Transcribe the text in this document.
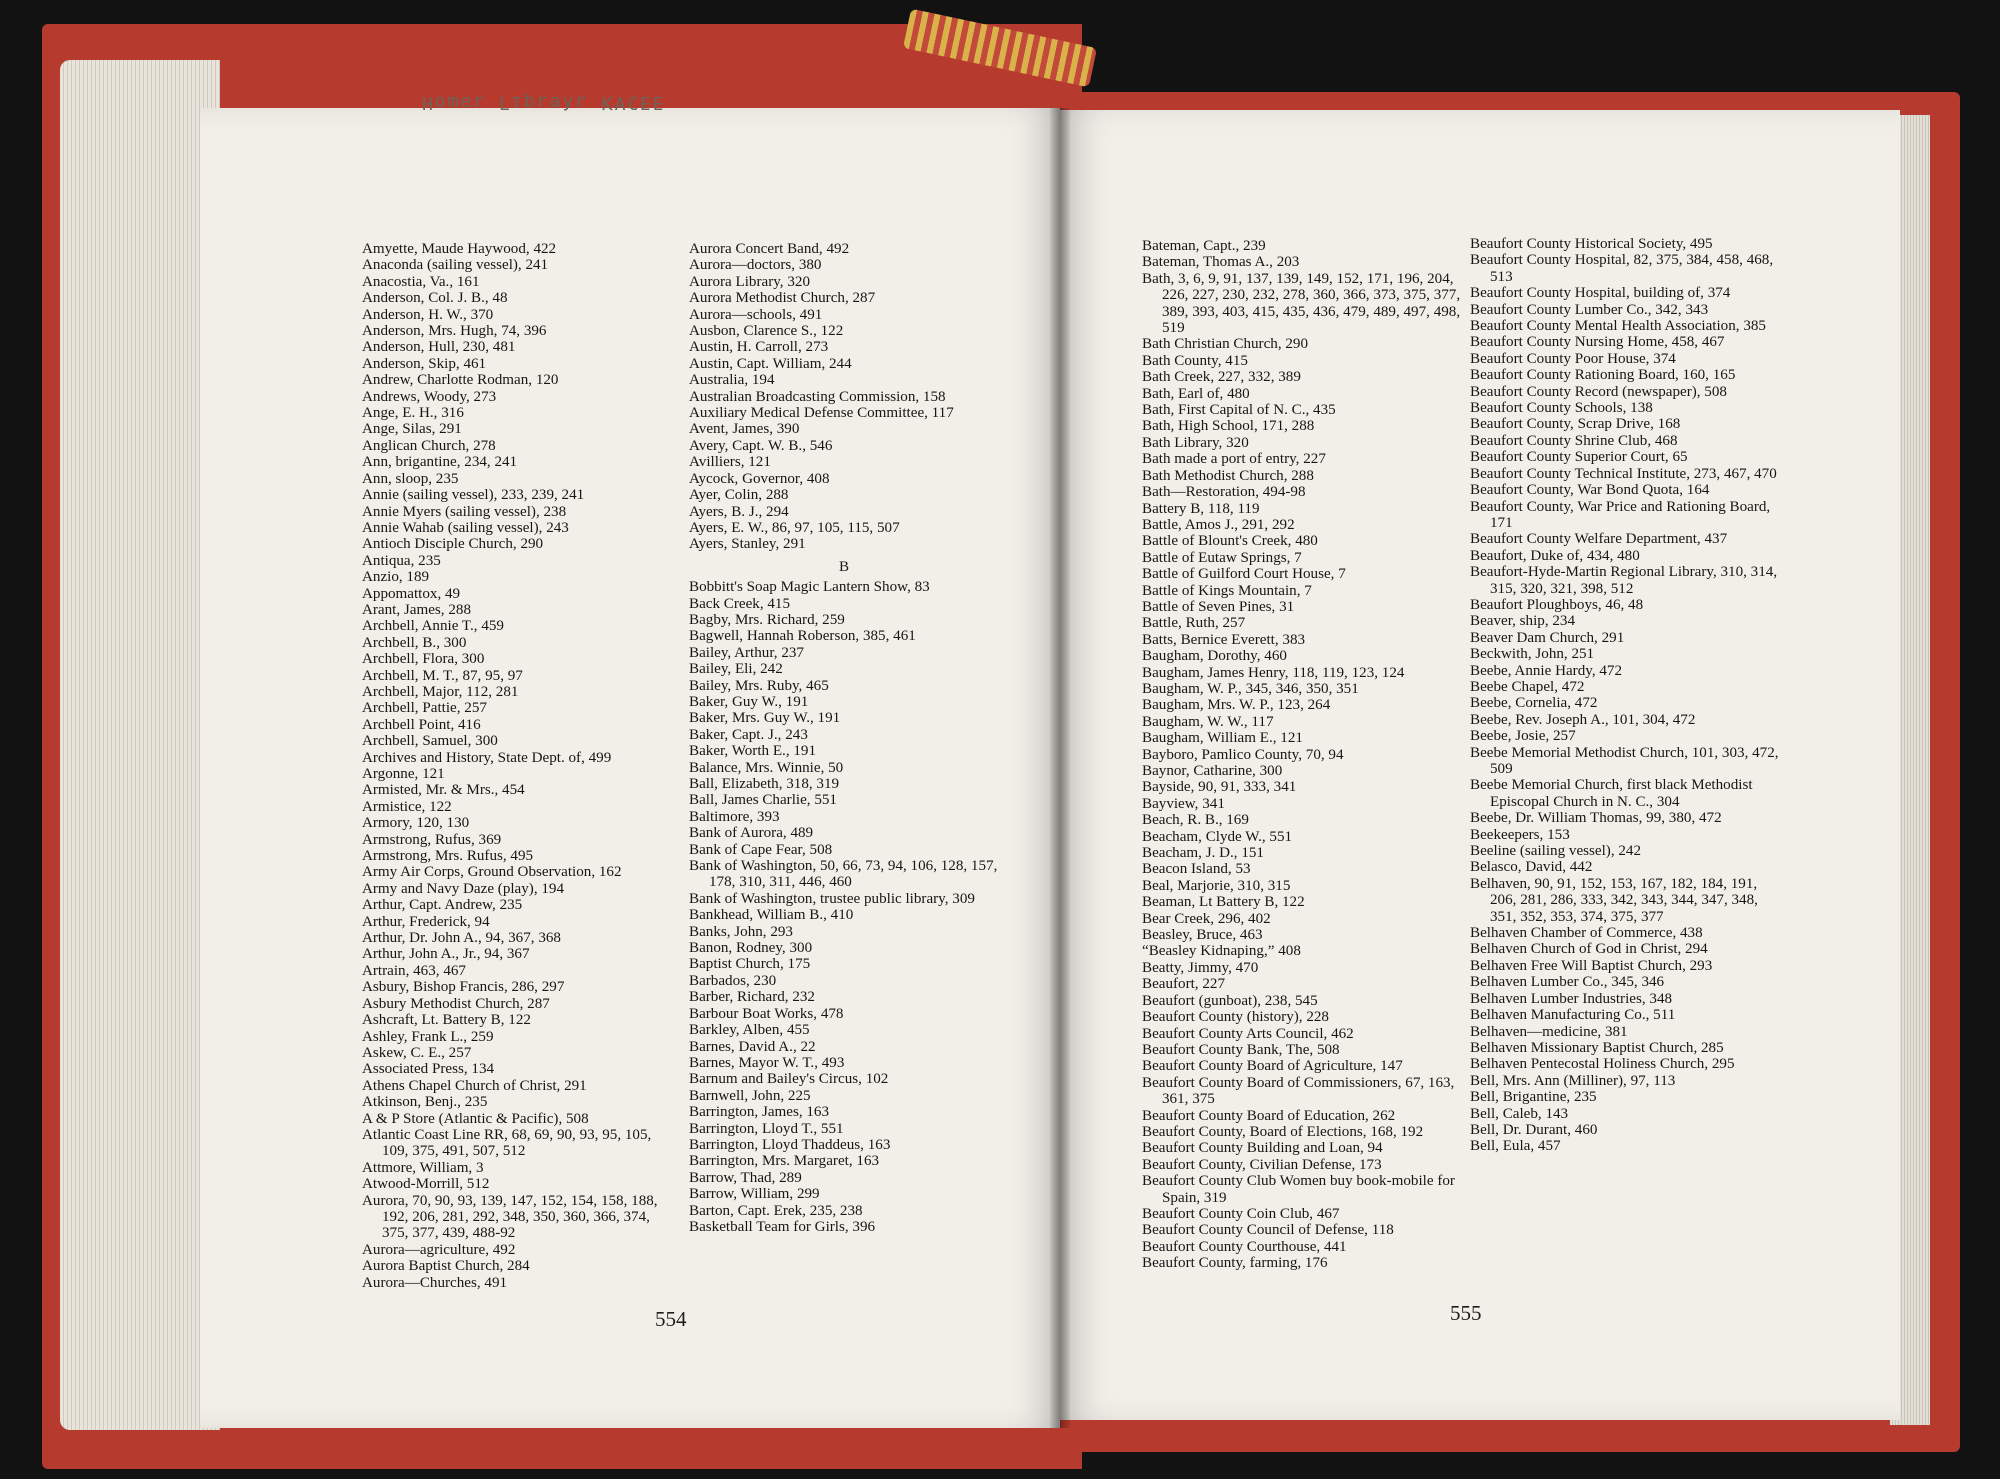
ƎƎƆ∀ꓘ ɹʎɐɹqıꓶ ɹǝɯoH

Amyette, Maude Haywood, 422

Anaconda (sailing vessel), 241

Anacostia, Va., 161

Anderson, Col. J. B., 48

Anderson, H. W., 370

Anderson, Mrs. Hugh, 74, 396

Anderson, Hull, 230, 481

Anderson, Skip, 461

Andrew, Charlotte Rodman, 120

Andrews, Woody, 273

Ange, E. H., 316

Ange, Silas, 291

Anglican Church, 278

Ann, brigantine, 234, 241

Ann, sloop, 235

Annie (sailing vessel), 233, 239, 241

Annie Myers (sailing vessel), 238

Annie Wahab (sailing vessel), 243

Antioch Disciple Church, 290

Antiqua, 235

Anzio, 189

Appomattox, 49

Arant, James, 288

Archbell, Annie T., 459

Archbell, B., 300

Archbell, Flora, 300

Archbell, M. T., 87, 95, 97

Archbell, Major, 112, 281

Archbell, Pattie, 257

Archbell Point, 416

Archbell, Samuel, 300

Archives and History, State Dept. of, 499

Argonne, 121

Armisted, Mr. & Mrs., 454

Armistice, 122

Armory, 120, 130

Armstrong, Rufus, 369

Armstrong, Mrs. Rufus, 495

Army Air Corps, Ground Observation, 162

Army and Navy Daze (play), 194

Arthur, Capt. Andrew, 235

Arthur, Frederick, 94

Arthur, Dr. John A., 94, 367, 368

Arthur, John A., Jr., 94, 367

Artrain, 463, 467

Asbury, Bishop Francis, 286, 297

Asbury Methodist Church, 287

Ashcraft, Lt. Battery B, 122

Ashley, Frank L., 259

Askew, C. E., 257

Associated Press, 134

Athens Chapel Church of Christ, 291

Atkinson, Benj., 235

A & P Store (Atlantic & Pacific), 508

Atlantic Coast Line RR, 68, 69, 90, 93, 95, 105, 109, 375, 491, 507, 512

Attmore, William, 3

Atwood-Morrill, 512

Aurora, 70, 90, 93, 139, 147, 152, 154, 158, 188, 192, 206, 281, 292, 348, 350, 360, 366, 374, 375, 377, 439, 488-92

Aurora—agriculture, 492

Aurora Baptist Church, 284

Aurora—Churches, 491

Aurora Concert Band, 492

Aurora—doctors, 380

Aurora Library, 320

Aurora Methodist Church, 287

Aurora—schools, 491

Ausbon, Clarence S., 122

Austin, H. Carroll, 273

Austin, Capt. William, 244

Australia, 194

Australian Broadcasting Commission, 158

Auxiliary Medical Defense Committee, 117

Avent, James, 390

Avery, Capt. W. B., 546

Avilliers, 121

Aycock, Governor, 408

Ayer, Colin, 288

Ayers, B. J., 294

Ayers, E. W., 86, 97, 105, 115, 507

Ayers, Stanley, 291

B

Bobbitt's Soap Magic Lantern Show, 83

Back Creek, 415

Bagby, Mrs. Richard, 259

Bagwell, Hannah Roberson, 385, 461

Bailey, Arthur, 237

Bailey, Eli, 242

Bailey, Mrs. Ruby, 465

Baker, Guy W., 191

Baker, Mrs. Guy W., 191

Baker, Capt. J., 243

Baker, Worth E., 191

Balance, Mrs. Winnie, 50

Ball, Elizabeth, 318, 319

Ball, James Charlie, 551

Baltimore, 393

Bank of Aurora, 489

Bank of Cape Fear, 508

Bank of Washington, 50, 66, 73, 94, 106, 128, 157, 178, 310, 311, 446, 460

Bank of Washington, trustee public library, 309

Bankhead, William B., 410

Banks, John, 293

Banon, Rodney, 300

Baptist Church, 175

Barbados, 230

Barber, Richard, 232

Barbour Boat Works, 478

Barkley, Alben, 455

Barnes, David A., 22

Barnes, Mayor W. T., 493

Barnum and Bailey's Circus, 102

Barnwell, John, 225

Barrington, James, 163

Barrington, Lloyd T., 551

Barrington, Lloyd Thaddeus, 163

Barrington, Mrs. Margaret, 163

Barrow, Thad, 289

Barrow, William, 299

Barton, Capt. Erek, 235, 238

Basketball Team for Girls, 396

Bateman, Capt., 239

Bateman, Thomas A., 203

Bath, 3, 6, 9, 91, 137, 139, 149, 152, 171, 196, 204, 226, 227, 230, 232, 278, 360, 366, 373, 375, 377, 389, 393, 403, 415, 435, 436, 479, 489, 497, 498, 519

Bath Christian Church, 290

Bath County, 415

Bath Creek, 227, 332, 389

Bath, Earl of, 480

Bath, First Capital of N. C., 435

Bath, High School, 171, 288

Bath Library, 320

Bath made a port of entry, 227

Bath Methodist Church, 288

Bath—Restoration, 494-98

Battery B, 118, 119

Battle, Amos J., 291, 292

Battle of Blount's Creek, 480

Battle of Eutaw Springs, 7

Battle of Guilford Court House, 7

Battle of Kings Mountain, 7

Battle of Seven Pines, 31

Battle, Ruth, 257

Batts, Bernice Everett, 383

Baugham, Dorothy, 460

Baugham, James Henry, 118, 119, 123, 124

Baugham, W. P., 345, 346, 350, 351

Baugham, Mrs. W. P., 123, 264

Baugham, W. W., 117

Baugham, William E., 121

Bayboro, Pamlico County, 70, 94

Baynor, Catharine, 300

Bayside, 90, 91, 333, 341

Bayview, 341

Beach, R. B., 169

Beacham, Clyde W., 551

Beacham, J. D., 151

Beacon Island, 53

Beal, Marjorie, 310, 315

Beaman, Lt Battery B, 122

Bear Creek, 296, 402

Beasley, Bruce, 463

“Beasley Kidnaping,” 408

Beatty, Jimmy, 470

Beaufort, 227

Beaufort (gunboat), 238, 545

Beaufort County (history), 228

Beaufort County Arts Council, 462

Beaufort County Bank, The, 508

Beaufort County Board of Agriculture, 147

Beaufort County Board of Commissioners, 67, 163, 361, 375

Beaufort County Board of Education, 262

Beaufort County, Board of Elections, 168, 192

Beaufort County Building and Loan, 94

Beaufort County, Civilian Defense, 173

Beaufort County Club Women buy book-mobile for Spain, 319

Beaufort County Coin Club, 467

Beaufort County Council of Defense, 118

Beaufort County Courthouse, 441

Beaufort County, farming, 176

Beaufort County Historical Society, 495

Beaufort County Hospital, 82, 375, 384, 458, 468, 513

Beaufort County Hospital, building of, 374

Beaufort County Lumber Co., 342, 343

Beaufort County Mental Health Association, 385

Beaufort County Nursing Home, 458, 467

Beaufort County Poor House, 374

Beaufort County Rationing Board, 160, 165

Beaufort County Record (newspaper), 508

Beaufort County Schools, 138

Beaufort County, Scrap Drive, 168

Beaufort County Shrine Club, 468

Beaufort County Superior Court, 65

Beaufort County Technical Institute, 273, 467, 470

Beaufort County, War Bond Quota, 164

Beaufort County, War Price and Rationing Board, 171

Beaufort County Welfare Department, 437

Beaufort, Duke of, 434, 480

Beaufort-Hyde-Martin Regional Library, 310, 314, 315, 320, 321, 398, 512

Beaufort Ploughboys, 46, 48

Beaver, ship, 234

Beaver Dam Church, 291

Beckwith, John, 251

Beebe, Annie Hardy, 472

Beebe Chapel, 472

Beebe, Cornelia, 472

Beebe, Rev. Joseph A., 101, 304, 472

Beebe, Josie, 257

Beebe Memorial Methodist Church, 101, 303, 472, 509

Beebe Memorial Church, first black Methodist Episcopal Church in N. C., 304

Beebe, Dr. William Thomas, 99, 380, 472

Beekeepers, 153

Beeline (sailing vessel), 242

Belasco, David, 442

Belhaven, 90, 91, 152, 153, 167, 182, 184, 191, 206, 281, 286, 333, 342, 343, 344, 347, 348, 351, 352, 353, 374, 375, 377

Belhaven Chamber of Commerce, 438

Belhaven Church of God in Christ, 294

Belhaven Free Will Baptist Church, 293

Belhaven Lumber Co., 345, 346

Belhaven Lumber Industries, 348

Belhaven Manufacturing Co., 511

Belhaven—medicine, 381

Belhaven Missionary Baptist Church, 285

Belhaven Pentecostal Holiness Church, 295

Bell, Mrs. Ann (Milliner), 97, 113

Bell, Brigantine, 235

Bell, Caleb, 143

Bell, Dr. Durant, 460

Bell, Eula, 457

554	555
